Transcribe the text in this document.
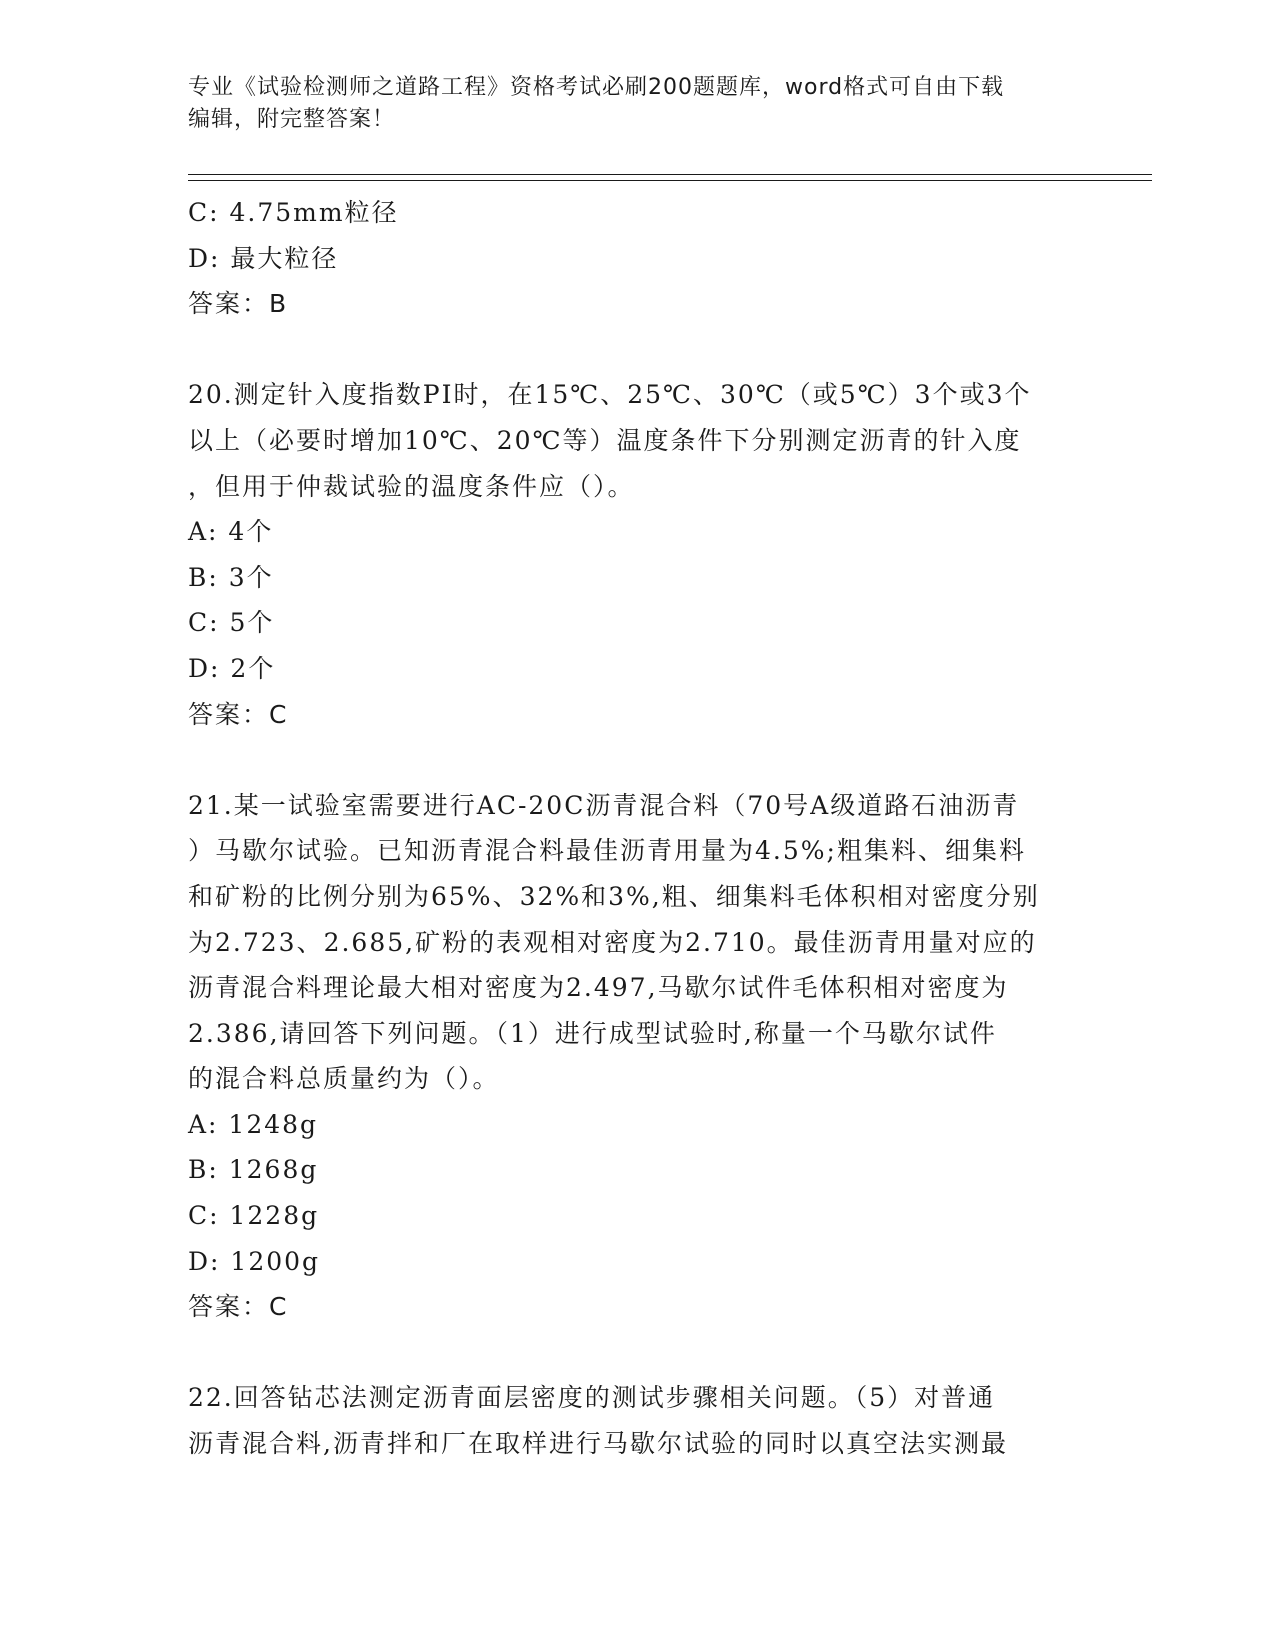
专业《试验检测师之道路工程》资格考试必刷200题题库，word格式可自由下载
编辑，附完整答案！
C: 4.75mm粒径
D: 最大粒径
答案：B
20.测定针入度指数PI时，在15℃、25℃、30℃（或5℃）3个或3个
以上（必要时增加10℃、20℃等）温度条件下分别测定沥青的针入度
，但用于仲裁试验的温度条件应（）。
A: 4个
B: 3个
C: 5个
D: 2个
答案：C
21.某一试验室需要进行AC-20C沥青混合料（70号A级道路石油沥青
）马歇尔试验。已知沥青混合料最佳沥青用量为4.5%;粗集料、细集料
和矿粉的比例分别为65%、32%和3%,粗、细集料毛体积相对密度分别
为2.723、2.685,矿粉的表观相对密度为2.710。最佳沥青用量对应的
沥青混合料理论最大相对密度为2.497,马歇尔试件毛体积相对密度为
2.386,请回答下列问题。（1）进行成型试验时,称量一个马歇尔试件
的混合料总质量约为（）。
A: 1248g
B: 1268g
C: 1228g
D: 1200g
答案：C
22.回答钻芯法测定沥青面层密度的测试步骤相关问题。（5）对普通
沥青混合料,沥青拌和厂在取样进行马歇尔试验的同时以真空法实测最
